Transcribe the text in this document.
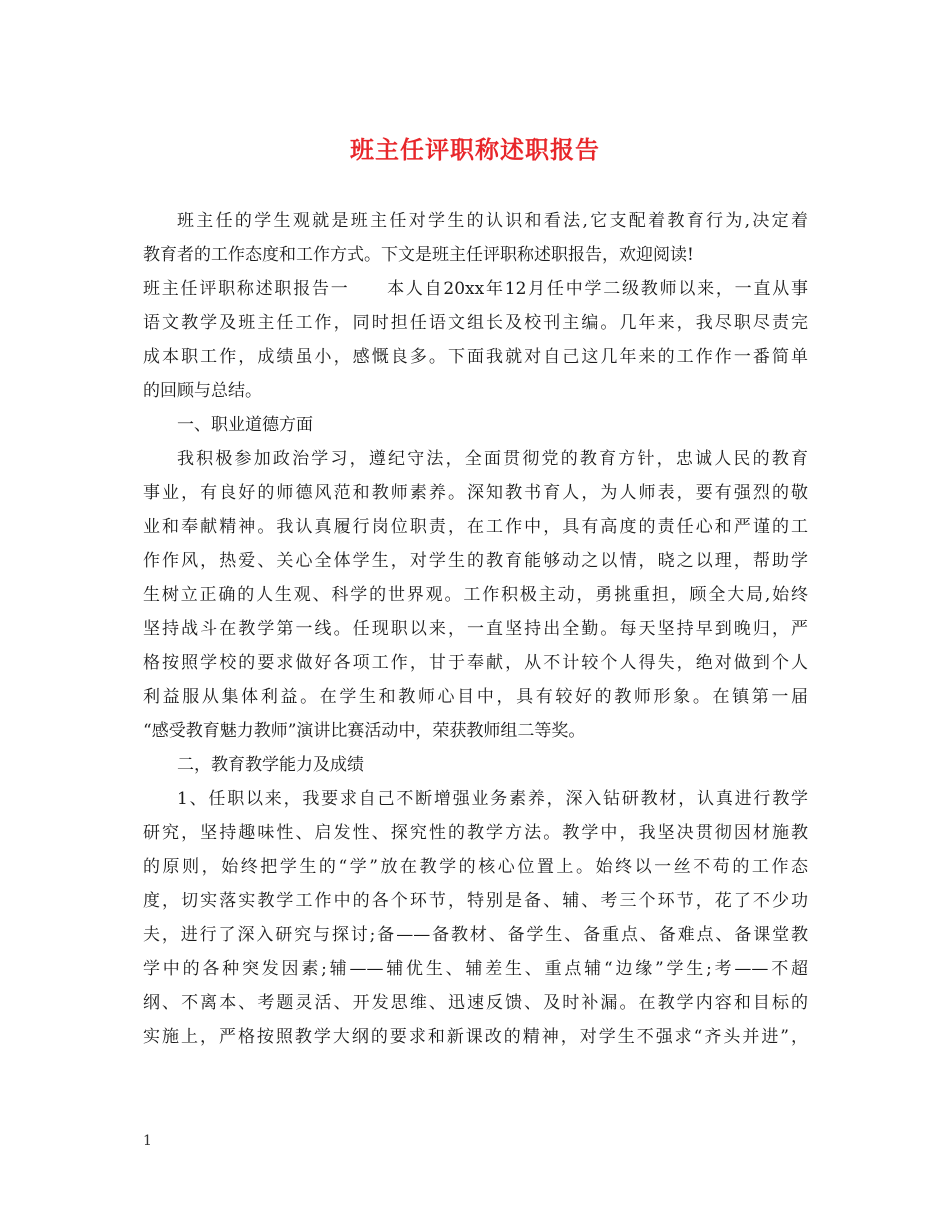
班主任评职称述职报告
班主任的学生观就是班主任对学生的认识和看法,它支配着教育行为,决定着
教育者的工作态度和工作方式。下文是班主任评职称述职报告，欢迎阅读!
班主任评职称述职报告一　　本人自20xx年12月任中学二级教师以来，一直从事
语文教学及班主任工作，同时担任语文组长及校刊主编。几年来，我尽职尽责完
成本职工作，成绩虽小，感慨良多。下面我就对自己这几年来的工作作一番简单
的回顾与总结。
一、职业道德方面
我积极参加政治学习，遵纪守法，全面贯彻党的教育方针，忠诚人民的教育
事业，有良好的师德风范和教师素养。深知教书育人，为人师表，要有强烈的敬
业和奉献精神。我认真履行岗位职责，在工作中，具有高度的责任心和严谨的工
作作风，热爱、关心全体学生，对学生的教育能够动之以情，晓之以理，帮助学
生树立正确的人生观、科学的世界观。工作积极主动，勇挑重担，顾全大局,始终
坚持战斗在教学第一线。任现职以来，一直坚持出全勤。每天坚持早到晚归，严
格按照学校的要求做好各项工作，甘于奉献，从不计较个人得失，绝对做到个人
利益服从集体利益。在学生和教师心目中，具有较好的教师形象。在镇第一届
“感受教育魅力教师”演讲比赛活动中，荣获教师组二等奖。
二，教育教学能力及成绩
1、任职以来，我要求自己不断增强业务素养，深入钻研教材，认真进行教学
研究，坚持趣味性、启发性、探究性的教学方法。教学中，我坚决贯彻因材施教
的原则，始终把学生的“学”放在教学的核心位置上。始终以一丝不苟的工作态
度，切实落实教学工作中的各个环节，特别是备、辅、考三个环节，花了不少功
夫，进行了深入研究与探讨;备——备教材、备学生、备重点、备难点、备课堂教
学中的各种突发因素;辅——辅优生、辅差生、重点辅“边缘”学生;考——不超
纲、不离本、考题灵活、开发思维、迅速反馈、及时补漏。在教学内容和目标的
实施上，严格按照教学大纲的要求和新课改的精神，对学生不强求“齐头并进”，
1
